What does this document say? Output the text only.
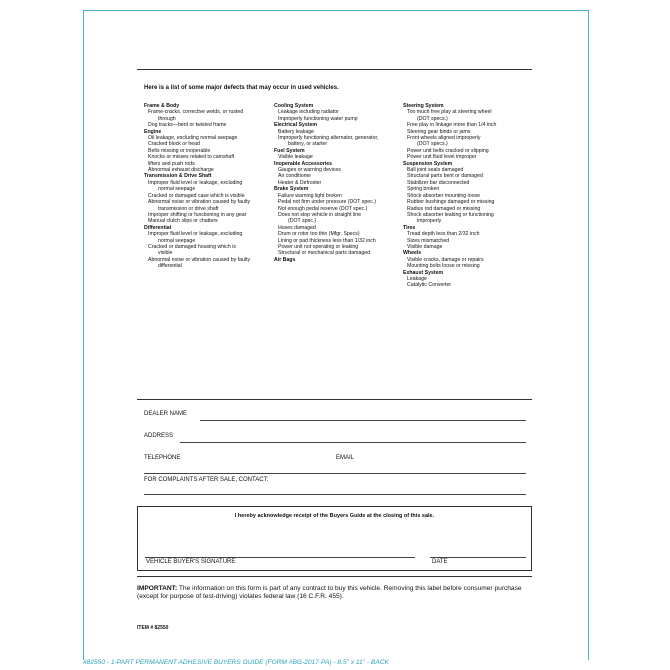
Here is a list of some major defects that may occur in used vehicles.
Frame & Body
Frame-cracks, corrective welds, or rusted
through
Dog tracks—bent or twisted frame
Engine
Oil leakage, excluding normal seepage
Cracked block or head
Belts missing or inoperable
Knocks or misses related to camshaft
lifters and push rods
Abnormal exhaust discharge
Transmission & Drive Shaft
Improper fluid level or leakage, excluding
normal seepage
Cracked or damaged case which is visible
Abnormal noise or vibration caused by faulty
transmission or drive shaft
Improper shifting or functioning in any gear
Manual clutch slips or chatters
Differential
Improper fluid level or leakage, excluding
normal seepage
Cracked or damaged housing which is
visible
Abnormal noise or vibration caused by faulty
differential
Cooling System
Leakage including radiator
Improperly functioning water pump
Electrical System
Battery leakage
Improperly functioning alternator, generator,
battery, or starter
Fuel System
Visible leakage
Inoperable Accessories
Gauges or warning devices
Air conditioner
Heater & Defroster
Brake System
Failure warning light broken
Pedal not firm under pressure (DOT spec.)
Not enough pedal reserve (DOT spec.)
Does not stop vehicle in straight line
(DOT spec.)
Hoses damaged
Drum or rotor too thin (Mfgr. Specs)
Lining or pad thickness less than 1/32 inch
Power unit not operating or leaking
Structural or mechanical parts damaged
Air Bags
Steering System
Too much free play at steering wheel
(DOT specs.)
Free play in linkage more than 1/4 inch
Steering gear binds or jams
Front wheels aligned improperly
(DOT specs.)
Power unit belts cracked or slipping
Power unit fluid level improper
Suspension System
Ball joint seals damaged
Structural parts bent or damaged
Stabilizer bar disconnected
Spring broken
Shock absorber mounting loose
Rubber bushings damaged or missing
Radius rod damaged or missing
Shock absorber leaking or functioning
improperly
Tires
Tread depth less than 2/32 inch
Sizes mismatched
Visible damage
Wheels
Visible cracks, damage or repairs
Mounting bolts loose or missing
Exhaust System
Leakage
Catalytic Converter
DEALER NAME
ADDRESS
TELEPHONE	EMAIL
FOR COMPLAINTS AFTER SALE, CONTACT:
I hereby acknowledge receipt of the Buyers Guide at the closing of this sale.
VEHICLE BUYER'S SIGNATURE	DATE
IMPORTANT: The information on this form is part of any contract to buy this vehicle. Removing this label before consumer purchase (except for purpose of test-driving) violates federal law (16 C.F.R. 455).
ITEM # 82550
#82550 - 1-PART PERMANENT ADHESIVE BUYERS GUIDE (FORM #BG-2017-PA) - 8.5" x 11" - BACK
